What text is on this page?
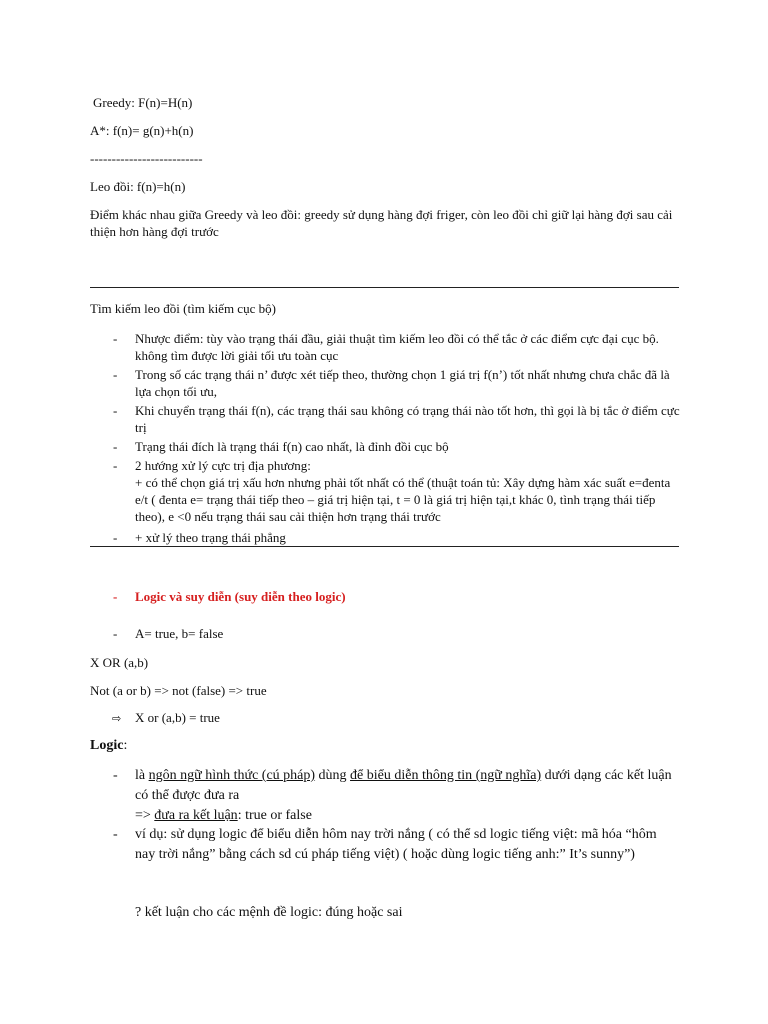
Greedy: F(n)=H(n)
A*: f(n)= g(n)+h(n)
--------------------------
Leo đồi: f(n)=h(n)
Điểm khác nhau giữa Greedy và leo đồi: greedy sử dụng hàng đợi friger, còn leo đồi chỉ giữ lại hàng đợi sau cải thiện hơn hàng đợi trước
Tìm kiếm leo đồi (tìm kiếm cục bộ)
- Nhược điểm: tùy vào trạng thái đầu, giải thuật tìm kiếm leo đồi có thể tắc ở các điểm cực đại cục bộ. không tìm được lời giải tối ưu toàn cục
- Trong số các trạng thái n’ được xét tiếp theo, thường chọn 1 giá trị f(n’) tốt nhất nhưng chưa chắc đã là lựa chọn tối ưu,
- Khi chuyển trạng thái f(n), các trạng thái sau không có trạng thái nào tốt hơn, thì gọi là bị tắc ở điểm cực trị
- Trạng thái đích là trạng thái f(n) cao nhất, là đỉnh đồi cục bộ
- 2 hướng xử lý cực trị địa phương:
+ có thể chọn giá trị xấu hơn nhưng phải tốt nhất có thể (thuật toán tủ: Xây dựng hàm xác suất e=đenta e/t ( đenta e= trạng thái tiếp theo – giá trị hiện tại, t = 0 là giá trị hiện tại,t khác 0, tình trạng thái tiếp theo), e <0 nếu trạng thái sau cải thiện hơn trạng thái trước
- + xử lý theo trạng thái phẳng
- Logic và suy diễn (suy diễn theo logic)
- A= true, b= false
X OR (a,b)
Not (a or b) => not (false) => true
⇨ X or (a,b) = true
Logic:
- là ngôn ngữ hình thức (cú pháp) dùng để biểu diễn thông tin (ngữ nghĩa) dưới dạng các kết luận có thể được đưa ra
=> đưa ra kết luận: true or false
- ví dụ: sử dụng logic để biểu diễn hôm nay trời nắng ( có thể sd logic tiếng việt: mã hóa “hôm nay trời nắng” bằng cách sd cú pháp tiếng việt) ( hoặc dùng logic tiếng anh:” It’s sunny”)
? kết luận cho các mệnh đề logic: đúng hoặc sai
